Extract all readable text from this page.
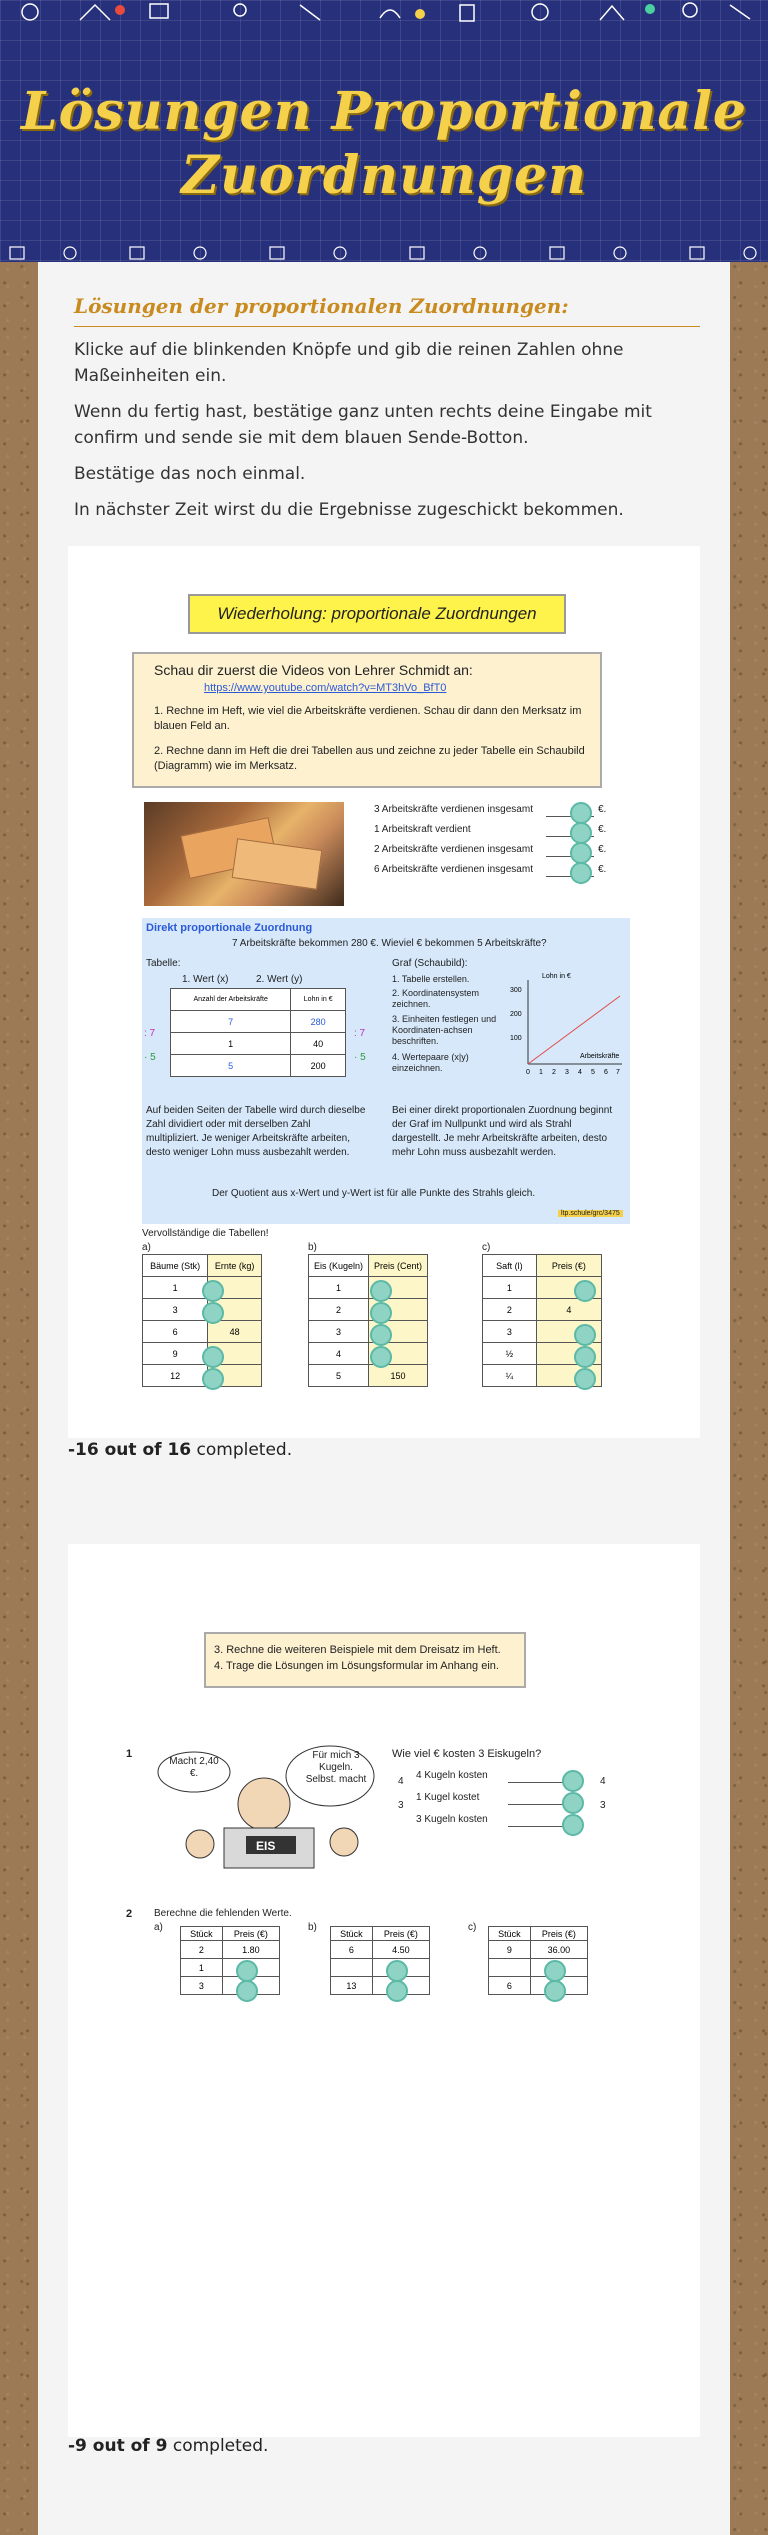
Lösungen Proportionale Zuordnungen
Lösungen der proportionalen Zuordnungen:

Klicke auf die blinkenden Knöpfe und gib die reinen Zahlen ohne Maßeinheiten ein.

Wenn du fertig hast, bestätige ganz unten rechts deine Eingabe mit confirm und sende sie mit dem blauen Sende-Botton.

Bestätige das noch einmal.

In nächster Zeit wirst du die Ergebnisse zugeschickt bekommen.

Wiederholung: proportionale Zuordnungen
Schau dir zuerst die Videos von Lehrer Schmidt an:
https://www.youtube.com/watch?v=MT3hVo_BfT0
1. Rechne im Heft, wie viel die Arbeitskräfte verdienen. Schau dir dann den Merksatz im blauen Feld an.
2. Rechne dann im Heft die drei Tabellen aus und zeichne zu jeder Tabelle ein Schaubild (Diagramm) wie im Merksatz.
3 Arbeitskräfte verdienen insgesamt
1 Arbeitskraft verdient
2 Arbeitskräfte verdienen insgesamt
6 Arbeitskräfte verdienen insgesamt
€.
€.
€.
€.
Direkt proportionale Zuordnung
7 Arbeitskräfte bekommen 280 €. Wieviel € bekommen 5 Arbeitskräfte?
Tabelle:	Graf (Schaubild):
1. Wert (x)	2. Wert (y)
Anzahl der Arbeitskräfte	Lohn in €
7	280
1	40
5	200
: 7
· 5
: 7
· 5
1. Tabelle erstellen.
2. Koordinatensystem zeichnen.
3. Einheiten festlegen und Koordinaten-achsen beschriften.
4. Wertepaare (x|y) einzeichnen.
Lohn in €
300
200
100
Arbeitskräfte
0 1 2 3 4 5 6 7
Auf beiden Seiten der Tabelle wird durch dieselbe Zahl dividiert oder mit derselben Zahl multipliziert. Je weniger Arbeitskräfte arbeiten, desto weniger Lohn muss ausbezahlt werden.
Bei einer direkt proportionalen Zuordnung beginnt der Graf im Nullpunkt und wird als Strahl dargestellt. Je mehr Arbeitskräfte arbeiten, desto mehr Lohn muss ausbezahlt werden.
Der Quotient aus x-Wert und y-Wert ist für alle Punkte des Strahls gleich.
ltp.schule/grc/3475
Vervollständige die Tabellen!
a)
Bäume (Stk)	Ernte (kg)
1	
3	
6	48
9	
12	
b)
Eis (Kugeln)	Preis (Cent)
1	
2	
3	
4	
5	150
c)
Saft (l)	Preis (€)
1	
2	4
3	
½	
¼	
-16 out of 16 completed.
3. Rechne die weiteren Beispiele mit dem Dreisatz im Heft.
4. Trage die Lösungen im Lösungsformular im Anhang ein.
1
EIS
Macht 2,40 €.
Für mich 3 Kugeln. Selbst. macht
Wie viel € kosten 3 Eiskugeln?
4 Kugeln kosten
1 Kugel kostet
3 Kugeln kosten
4
3
4
3
2 Berechne die fehlenden Werte.
a)
Stück	Preis (€)
2	1.80
1	
3	
b)
Stück	Preis (€)
6	4.50

13	
c)
Stück	Preis (€)
9	36.00

6	
-9 out of 9 completed.
